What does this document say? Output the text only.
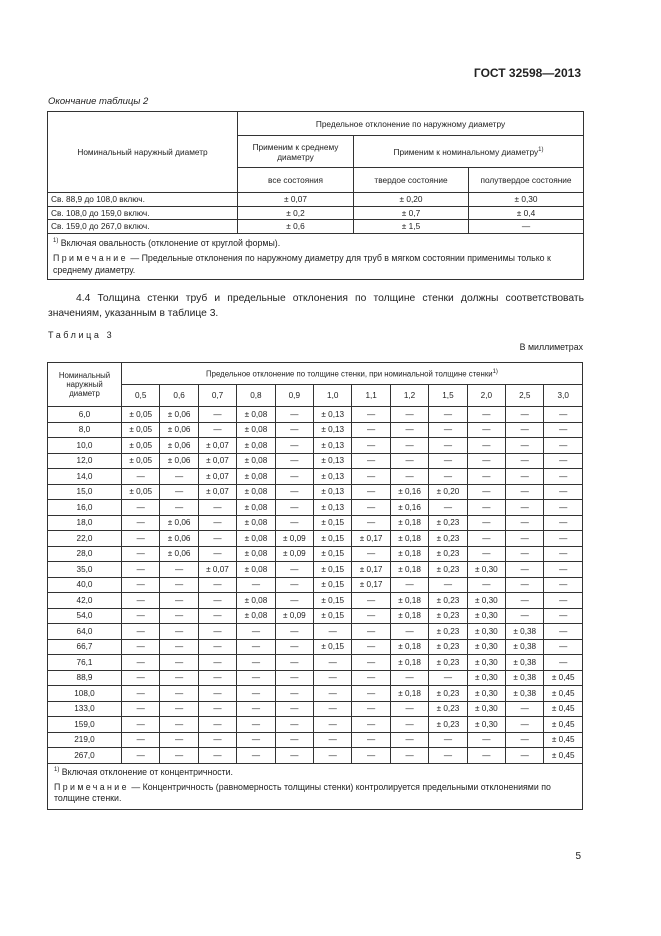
ГОСТ 32598—2013
Окончание таблицы 2
Номинальный наружный диаметр	Предельное отклонение по наружному диаметру		
	Применим к среднему диаметру	Применим к номинальному диаметру$^{1)}$
	все состояния	твердое состояние	полутвердое состояние
Св. 88,9 до 108,0 включ.	± 0,07	± 0,20	± 0,30
Св. 108,0 до 159,0 включ.	± 0,2	± 0,7	± 0,4
Св. 159,0 до 267,0 включ.	± 0,6	± 1,5	—
$^{1)}$ Включая овальность (отклонение от круглой формы).			
Примечание — Предельные отклонения по наружному диаметру для труб в мягком состоянии применимы только к среднему диаметру.			
4.4 Толщина стенки труб и предельные отклонения по толщине стенки должны соответствовать значениям, указанным в таблице 3.
Таблица 3
В миллиметрах
Номинальный наружный диаметр	Предельное отклонение по толщине стенки, при номинальной толщине стенки$^{1)}$
	0,5	0,6	0,7	0,8	0,9	1,0	1,1	1,2	1,5	2,0	2,5	3,0
6,0	± 0,05	± 0,06	—	± 0,08	—	± 0,13	—	—	—	—	—	—
8,0	± 0,05	± 0,06	—	± 0,08	—	± 0,13	—	—	—	—	—	—
10,0	± 0,05	± 0,06	± 0,07	± 0,08	—	± 0,13	—	—	—	—	—	—
12,0	± 0,05	± 0,06	± 0,07	± 0,08	—	± 0,13	—	—	—	—	—	—
14,0	—	—	± 0,07	± 0,08	—	± 0,13	—	—	—	—	—	—
15,0	± 0,05	—	± 0,07	± 0,08	—	± 0,13	—	± 0,16	± 0,20	—	—	—
16,0	—	—	—	± 0,08	—	± 0,13	—	± 0,16	—	—	—	—
18,0	—	± 0,06	—	± 0,08	—	± 0,15	—	± 0,18	± 0,23	—	—	—
22,0	—	± 0,06	—	± 0,08	± 0,09	± 0,15	± 0,17	± 0,18	± 0,23	—	—	—
28,0	—	± 0,06	—	± 0,08	± 0,09	± 0,15	—	± 0,18	± 0,23	—	—	—
35,0	—	—	± 0,07	± 0,08	—	± 0,15	± 0,17	± 0,18	± 0,23	± 0,30	—	—
40,0	—	—	—	—	—	± 0,15	± 0,17	—	—	—	—	—
42,0	—	—	—	± 0,08	—	± 0,15	—	± 0,18	± 0,23	± 0,30	—	—
54,0	—	—	—	± 0,08	± 0,09	± 0,15	—	± 0,18	± 0,23	± 0,30	—	—
64,0	—	—	—	—	—	—	—	—	± 0,23	± 0,30	± 0,38	—
66,7	—	—	—	—	—	± 0,15	—	± 0,18	± 0,23	± 0,30	± 0,38	—
76,1	—	—	—	—	—	—	—	± 0,18	± 0,23	± 0,30	± 0,38	—
88,9	—	—	—	—	—	—	—	—	—	± 0,30	± 0,38	± 0,45
108,0	—	—	—	—	—	—	—	± 0,18	± 0,23	± 0,30	± 0,38	± 0,45
133,0	—	—	—	—	—	—	—	—	± 0,23	± 0,30	—	± 0,45
159,0	—	—	—	—	—	—	—	—	± 0,23	± 0,30	—	± 0,45
219,0	—	—	—	—	—	—	—	—	—	—	—	± 0,45
267,0	—	—	—	—	—	—	—	—	—	—	—	± 0,45
$^{1)}$ Включая отклонение от концентричности.												
Примечание — Концентричность (равномерность толщины стенки) контролируется предельными отклонениями по толщине стенки.												
5
